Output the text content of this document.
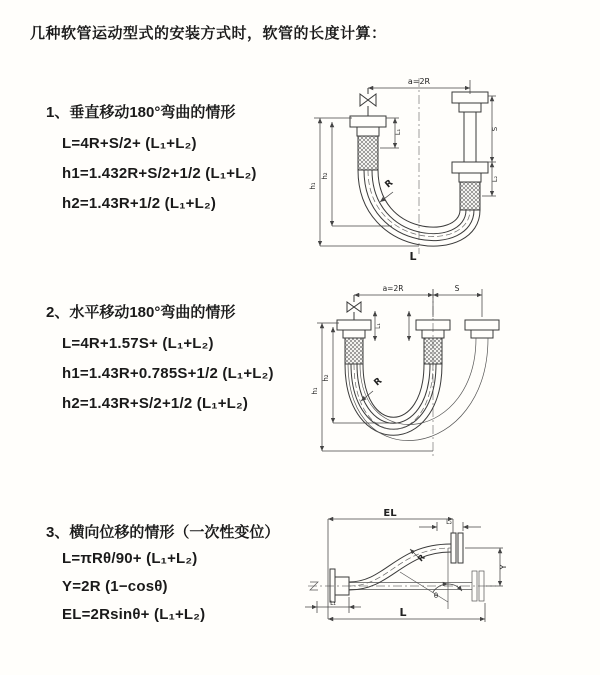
几种软管运动型式的安装方式时，软管的长度计算：
1、垂直移动180°弯曲的情形
L=4R+S/2+ (L₁+L₂)
h1=1.432R+S/2+1/2 (L₁+L₂)
h2=1.43R+1/2 (L₁+L₂)
2、水平移动180°弯曲的情形
L=4R+1.57S+ (L₁+L₂)
h1=1.43R+0.785S+1/2 (L₁+L₂)
h2=1.43R+S/2+1/2 (L₁+L₂)
3、横向位移的情形（一次性变位）
L=πRθ/90+ (L₁+L₂)
Y=2R (1−cosθ)
EL=2Rsinθ+ (L₁+L₂)
a=2R
L₁	S
L₂
h₁
h₂
R
L
a=2R	S
L₁
h₁
h₂	R
EL
L₂
θ
R
Y
L₁
L
